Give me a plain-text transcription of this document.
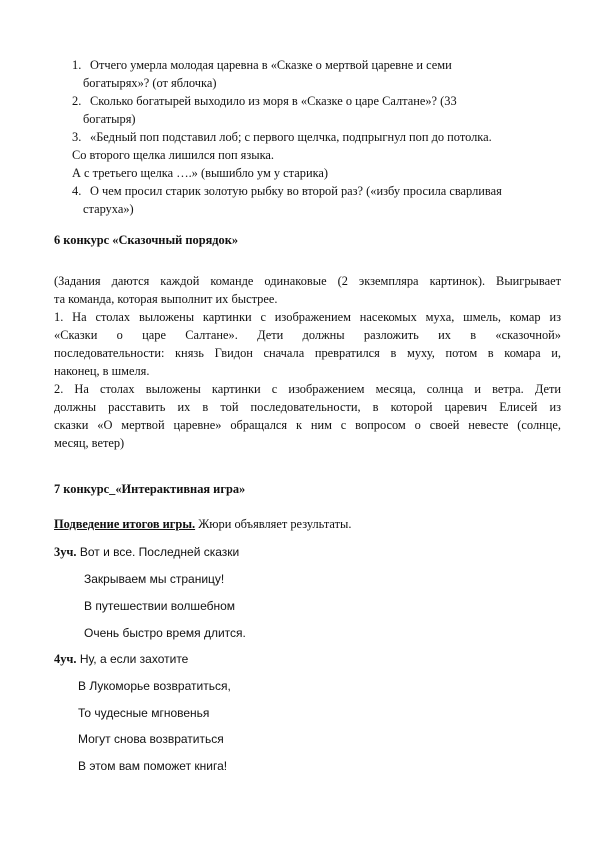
1. Отчего умерла молодая царевна в «Сказке о мертвой царевне и семи
богатырях»? (от яблочка)
2. Сколько богатырей выходило из моря в «Сказке о царе Салтане»? (33
богатыря)
3. «Бедный поп подставил лоб; с первого щелчка, подпрыгнул поп до потолка.
Со второго щелка лишился поп языка.
А с третьего щелка ….» (вышибло ум у старика)
4. О чем просил старик золотую рыбку во второй раз? («избу просила сварливая
старуха»)
6 конкурс «Сказочный порядок»
(Задания даются каждой команде одинаковые (2 экземпляра картинок). Выигрывает
та команда, которая выполнит их быстрее.
1. На столах выложены картинки с изображением насекомых муха, шмель, комар из
«Сказки о царе Салтане». Дети должны разложить их в «сказочной»
последовательности: князь Гвидон сначала превратился в муху, потом в комара и,
наконец, в шмеля.
2. На столах выложены картинки с изображением месяца, солнца и ветра. Дети
должны расставить их в той последовательности, в которой царевич Елисей из
сказки «О мертвой царевне» обращался к ним с вопросом о своей невесте (солнце,
месяц, ветер)
7 конкурс_«Интерактивная игра»
Подведение итогов игры. Жюри объявляет результаты.
3уч. Вот и все. Последней сказки
Закрываем мы страницу!
В путешествии волшебном
Очень быстро время длится.
4уч. Ну, а если захотите
В Лукоморье возвратиться,
То чудесные мгновенья
Могут снова возвратиться
В этом вам поможет книга!
